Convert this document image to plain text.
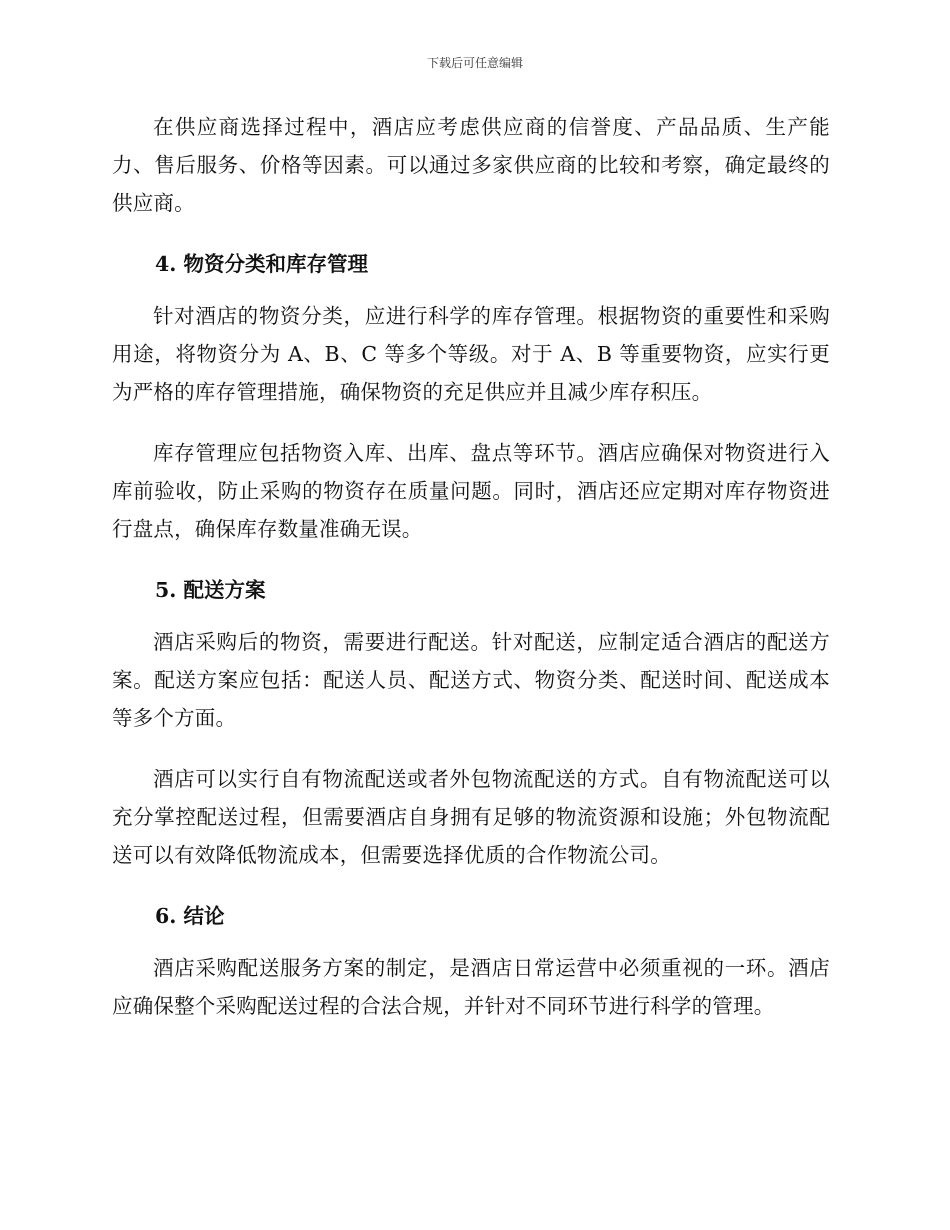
下载后可任意编辑

在供应商选择过程中，酒店应考虑供应商的信誉度、产品品质、生产能力、售后服务、价格等因素。可以通过多家供应商的比较和考察，确定最终的供应商。

4. 物资分类和库存管理

针对酒店的物资分类，应进行科学的库存管理。根据物资的重要性和采购用途，将物资分为 A、B、C 等多个等级。对于 A、B 等重要物资，应实行更为严格的库存管理措施，确保物资的充足供应并且减少库存积压。

库存管理应包括物资入库、出库、盘点等环节。酒店应确保对物资进行入库前验收，防止采购的物资存在质量问题。同时，酒店还应定期对库存物资进行盘点，确保库存数量准确无误。

5. 配送方案

酒店采购后的物资，需要进行配送。针对配送，应制定适合酒店的配送方案。配送方案应包括：配送人员、配送方式、物资分类、配送时间、配送成本等多个方面。

酒店可以实行自有物流配送或者外包物流配送的方式。自有物流配送可以充分掌控配送过程，但需要酒店自身拥有足够的物流资源和设施；外包物流配送可以有效降低物流成本，但需要选择优质的合作物流公司。

6. 结论

酒店采购配送服务方案的制定，是酒店日常运营中必须重视的一环。酒店应确保整个采购配送过程的合法合规，并针对不同环节进行科学的管理。
